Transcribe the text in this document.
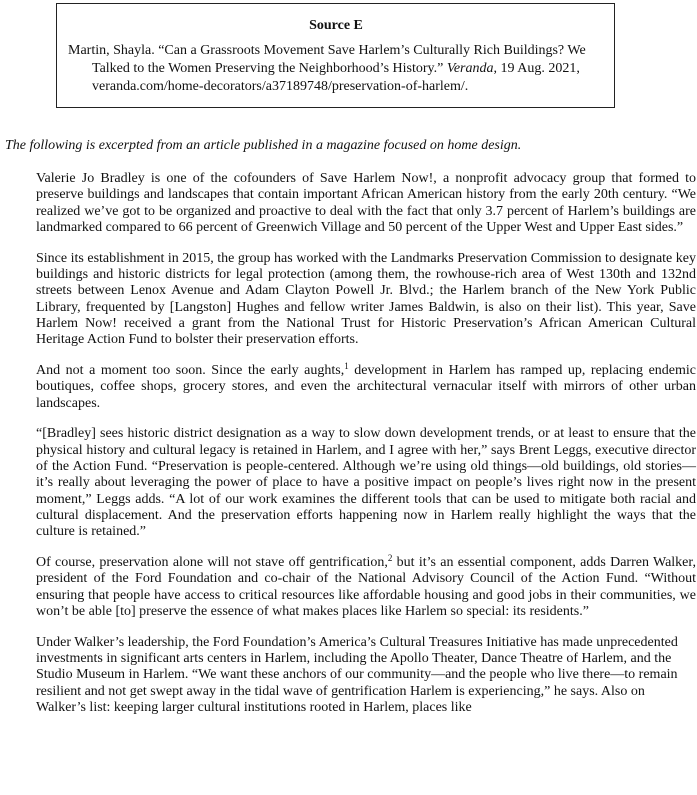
Source E

Martin, Shayla. “Can a Grassroots Movement Save Harlem’s Culturally Rich Buildings? We Talked to the Women Preserving the Neighborhood’s History.” Veranda, 19 Aug. 2021, veranda.com/home-decorators/a37189748/preservation-of-harlem/.

The following is excerpted from an article published in a magazine focused on home design.

Valerie Jo Bradley is one of the cofounders of Save Harlem Now!, a nonprofit advocacy group that formed to preserve buildings and landscapes that contain important African American history from the early 20th century. “We realized we’ve got to be organized and proactive to deal with the fact that only 3.7 percent of Harlem’s buildings are landmarked compared to 66 percent of Greenwich Village and 50 percent of the Upper West and Upper East sides.”

Since its establishment in 2015, the group has worked with the Landmarks Preservation Commission to designate key buildings and historic districts for legal protection (among them, the rowhouse-rich area of West 130th and 132nd streets between Lenox Avenue and Adam Clayton Powell Jr. Blvd.; the Harlem branch of the New York Public Library, frequented by [Langston] Hughes and fellow writer James Baldwin, is also on their list). This year, Save Harlem Now! received a grant from the National Trust for Historic Preservation’s African American Cultural Heritage Action Fund to bolster their preservation efforts.

And not a moment too soon. Since the early aughts,$^1$ development in Harlem has ramped up, replacing endemic boutiques, coffee shops, grocery stores, and even the architectural vernacular itself with mirrors of other urban landscapes.

“[Bradley] sees historic district designation as a way to slow down development trends, or at least to ensure that the physical history and cultural legacy is retained in Harlem, and I agree with her,” says Brent Leggs, executive director of the Action Fund. “Preservation is people-centered. Although we’re using old things—old buildings, old stories—it’s really about leveraging the power of place to have a positive impact on people’s lives right now in the present moment,” Leggs adds. “A lot of our work examines the different tools that can be used to mitigate both racial and cultural displacement. And the preservation efforts happening now in Harlem really highlight the ways that the culture is retained.”

Of course, preservation alone will not stave off gentrification,$^2$ but it’s an essential component, adds Darren Walker, president of the Ford Foundation and co-chair of the National Advisory Council of the Action Fund. “Without ensuring that people have access to critical resources like affordable housing and good jobs in their communities, we won’t be able [to] preserve the essence of what makes places like Harlem so special: its residents.”

Under Walker’s leadership, the Ford Foundation’s America’s Cultural Treasures Initiative has made unprecedented investments in significant arts centers in Harlem, including the Apollo Theater, Dance Theatre of Harlem, and the Studio Museum in Harlem. “We want these anchors of our community—and the people who live there—to remain resilient and not get swept away in the tidal wave of gentrification Harlem is experiencing,” he says. Also on Walker’s list: keeping larger cultural institutions rooted in Harlem, places like
